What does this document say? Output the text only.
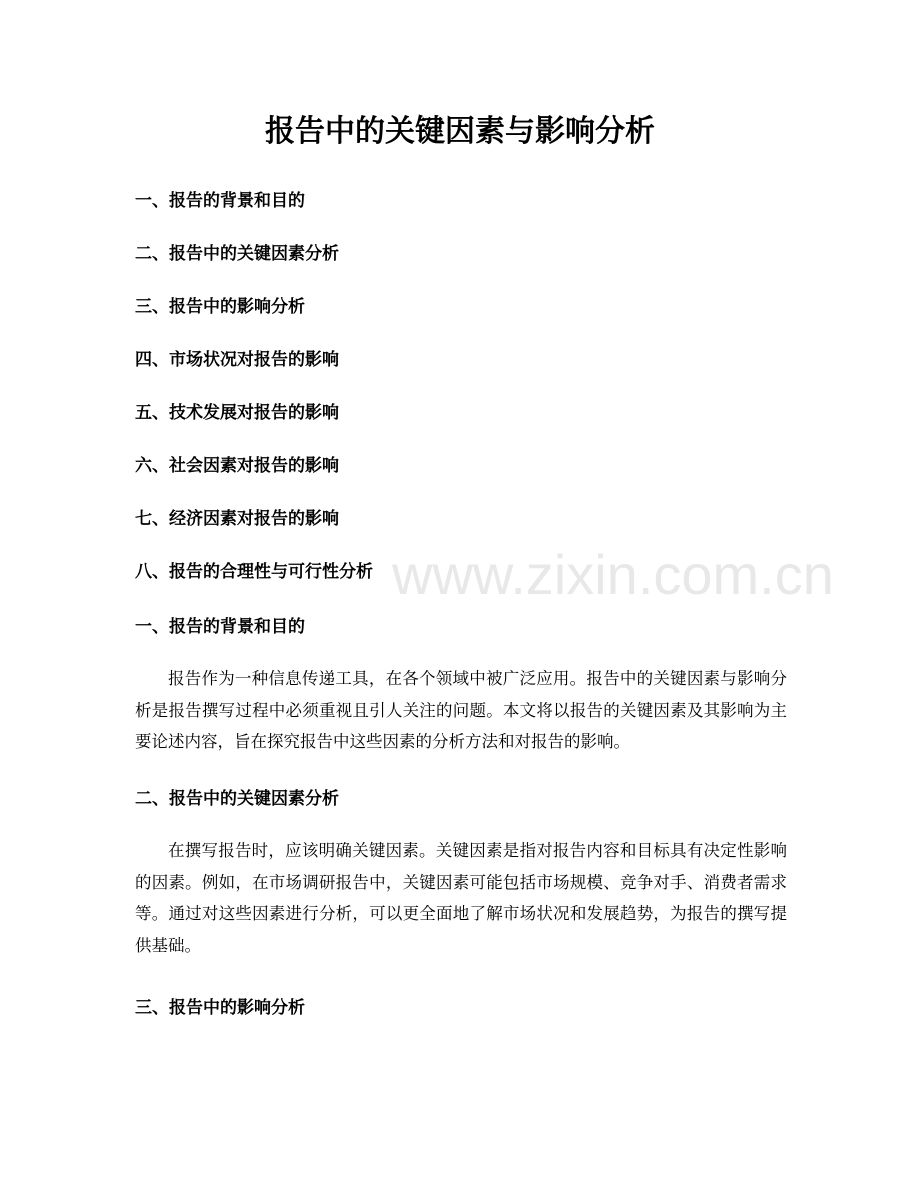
报告中的关键因素与影响分析
一、报告的背景和目的
二、报告中的关键因素分析
三、报告中的影响分析
四、市场状况对报告的影响
五、技术发展对报告的影响
六、社会因素对报告的影响
七、经济因素对报告的影响
八、报告的合理性与可行性分析
一、报告的背景和目的

报告作为一种信息传递工具，在各个领域中被广泛应用。报告中的关键因素与影响分析是报告撰写过程中必须重视且引人关注的问题。本文将以报告的关键因素及其影响为主要论述内容，旨在探究报告中这些因素的分析方法和对报告的影响。

二、报告中的关键因素分析

在撰写报告时，应该明确关键因素。关键因素是指对报告内容和目标具有决定性影响的因素。例如，在市场调研报告中，关键因素可能包括市场规模、竞争对手、消费者需求等。通过对这些因素进行分析，可以更全面地了解市场状况和发展趋势，为报告的撰写提供基础。

三、报告中的影响分析
www.zixin.com.cn
